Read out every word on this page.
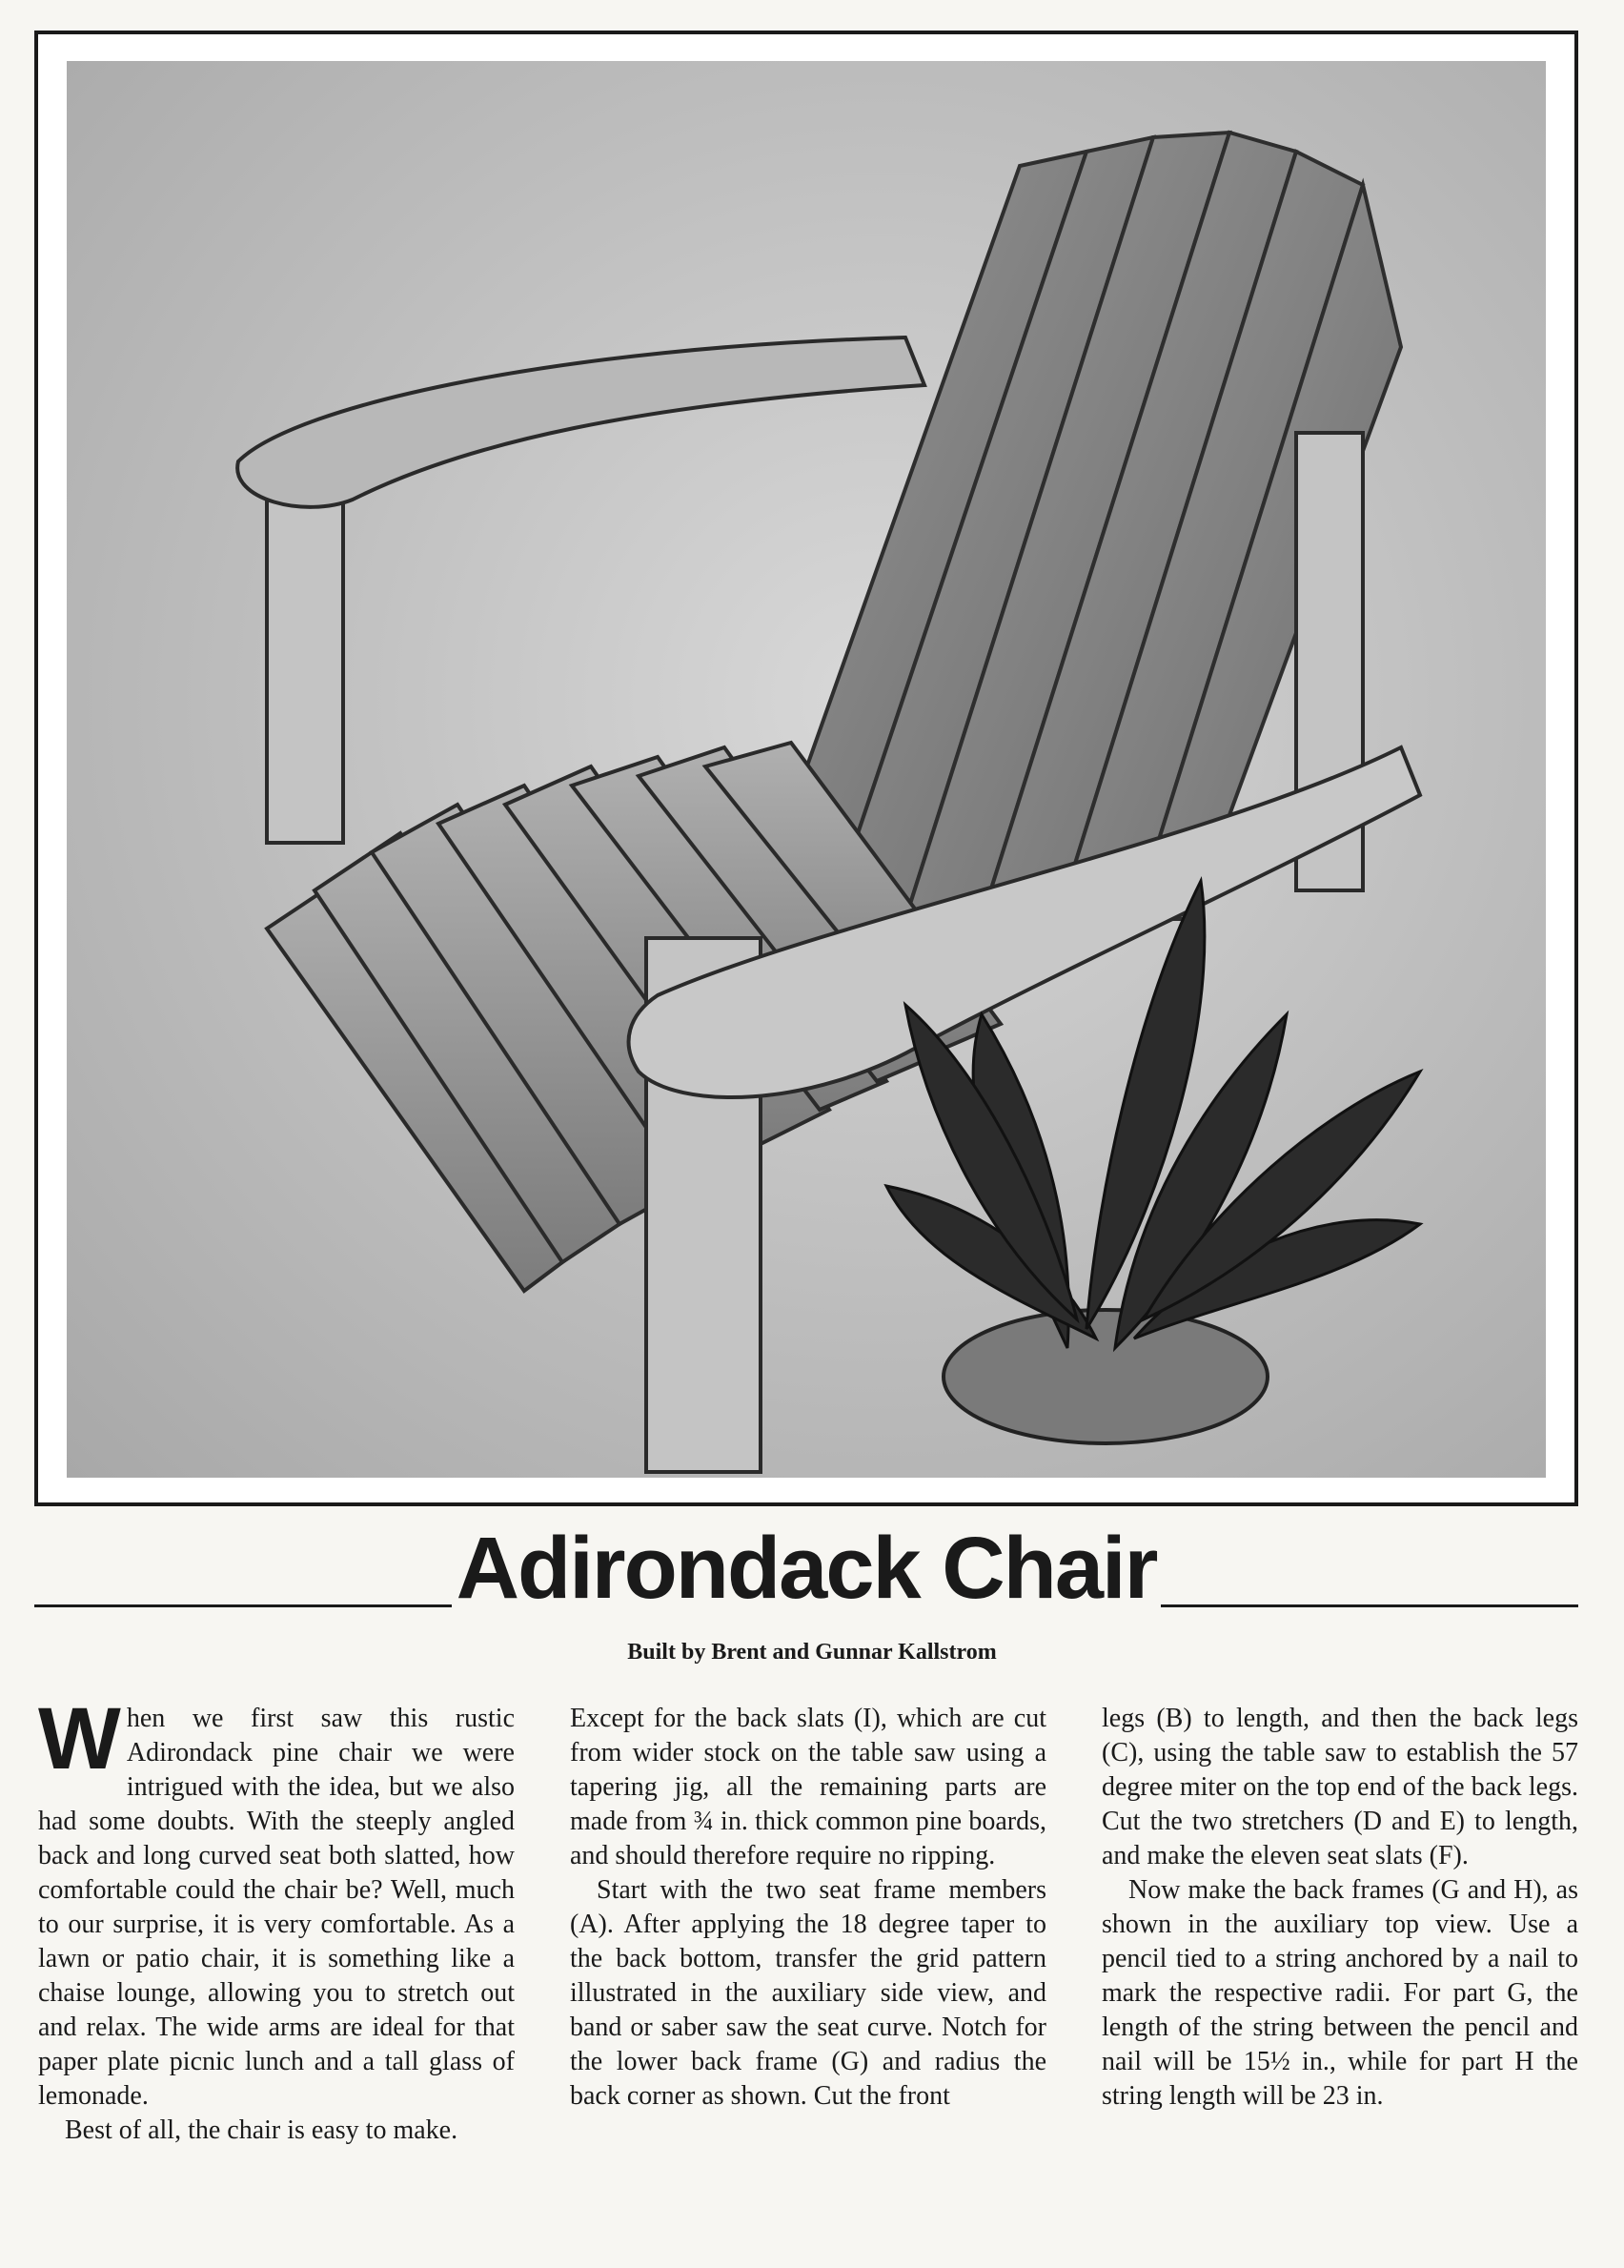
Adirondack Chair
Built by Brent and Gunnar Kallstrom

When we first saw this rustic Adirondack pine chair we were intrigued with the idea, but we also had some doubts. With the steeply angled back and long curved seat both slatted, how comfortable could the chair be? Well, much to our surprise, it is very comfortable. As a lawn or patio chair, it is something like a chaise lounge, allowing you to stretch out and relax. The wide arms are ideal for that paper plate picnic lunch and a tall glass of lemonade.

Best of all, the chair is easy to make.

Except for the back slats (I), which are cut from wider stock on the table saw using a tapering jig, all the remaining parts are made from ¾ in. thick common pine boards, and should therefore require no ripping.

Start with the two seat frame members (A). After applying the 18 degree taper to the back bottom, transfer the grid pattern illustrated in the auxiliary side view, and band or saber saw the seat curve. Notch for the lower back frame (G) and radius the back corner as shown. Cut the front

legs (B) to length, and then the back legs (C), using the table saw to establish the 57 degree miter on the top end of the back legs. Cut the two stretchers (D and E) to length, and make the eleven seat slats (F).

Now make the back frames (G and H), as shown in the auxiliary top view. Use a pencil tied to a string anchored by a nail to mark the respective radii. For part G, the length of the string between the pencil and nail will be 15½ in., while for part H the string length will be 23 in.
